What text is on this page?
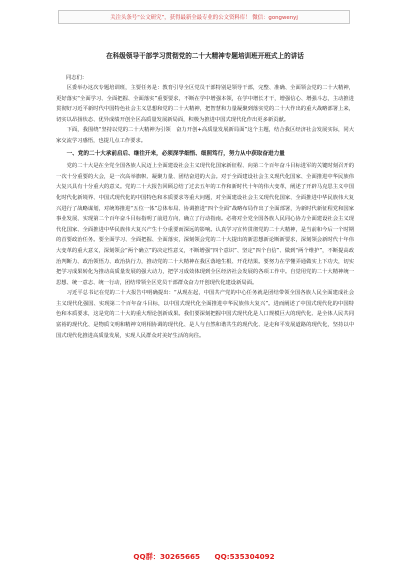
关注头条号“公文研究”，获得最新全最专业的公文资料库！ 微信：gongwenyj
在科级领导干部学习贯彻党的二十大精神专题培训班开班式上的讲话
同志们：

区委举办这次专题培训班，主要任务是：教育引导全区党员干部特别是领导干部，完整、准确、全面领会党的二十大精神，更好落实“全面学习、全面把握、全面落实”重要要求，不断在学中增强本领，在学中增长才干，增强信心、增强斗志，主动推进贯彻好习近平新时代中国特色社会主义思想和党的二十大精神，把智慧和力量凝聚到落实党的二十大作出的重大战略部署上来，切实以昂扬状态、优异成绩开创全区高质量发展新局面，积极为推进中国式现代化作出更多新贡献。

下面，我围绕“坚持以党的二十大精神为引领　奋力开创+高质量发展新局面”这个主题，结合我区经济社会发展实际，同大家交流学习感悟，也提几点工作要求。

一、党的二十大承前启后、继往开来，必须深学细悟、细照笃行，努力从中获取奋进力量

党的二十大是在全党全国各族人民迈上全面建设社会主义现代化国家新征程、向第二个百年奋斗目标进军的关键时刻召开的一次十分重要的大会，是一次高举旗帜、凝聚力量、团结奋进的大会。对于全面建设社会主义现代化国家、全面推进中华民族伟大复兴具有十分重大的意义。党的二十大报告回顾总结了过去五年的工作和新时代十年的伟大变革，阐述了开辟马克思主义中国化时代化新境界、中国式现代化的中国特色和本质要求等重大问题，对全面建设社会主义现代化国家、全面推进中华民族伟大复兴进行了战略谋划，对统筹推进“五位一体”总体布局、协调推进“四个全面”战略布局作出了全面部署，为新时代新征程党和国家事业发展、实现第二个百年奋斗目标指明了前进方向，确立了行动指南。必将对全党全国各族人民同心协力全面建设社会主义现代化国家、全面推进中华民族伟大复兴产生十分重要而深远的影响。认真学习宣传贯彻党的二十大精神，是当前和今后一个时期的首要政治任务。要全面学习、全面把握、全面落实，深刻领会党的二十大提出的新思想新论断新要求，深刻领会新时代十年伟大变革的重大意义，深刻领会“两个确立”的决定性意义，不断增强“四个意识”、坚定“四个自信”、做到“两个维护”，不断提高政治判断力、政治领悟力、政治执行力，推动党的二十大精神在我区落地生根、开花结果。要努力在学懂弄通做实上下功夫，切实把学习成果转化为推动高质量发展的强大动力，把学习成效体现到全区经济社会发展的各项工作中。自觉用党的二十大精神统一思想、统一意志、统一行动，团结带领全区党员干部群众奋力开创现代化建设新局面。

习近平总书记在党的二十大报告中明确提出：“从现在起，中国共产党的中心任务就是团结带领全国各族人民全面建成社会主义现代化强国、实现第二个百年奋斗目标，以中国式现代化全面推进中华民族伟大复兴”。进而阐述了中国式现代化的中国特色和本质要求，这是党的二十大的重大理论创新成果。我们要深刻把握中国式现代化是人口规模巨大的现代化、是全体人民共同富裕的现代化、是物质文明和精神文明相协调的现代化、是人与自然和谐共生的现代化、是走和平发展道路的现代化，坚持以中国式现代化推进高质量发展，实现人民群众对美好生活的向往。

QQ群：30265665 QQ:535304092
